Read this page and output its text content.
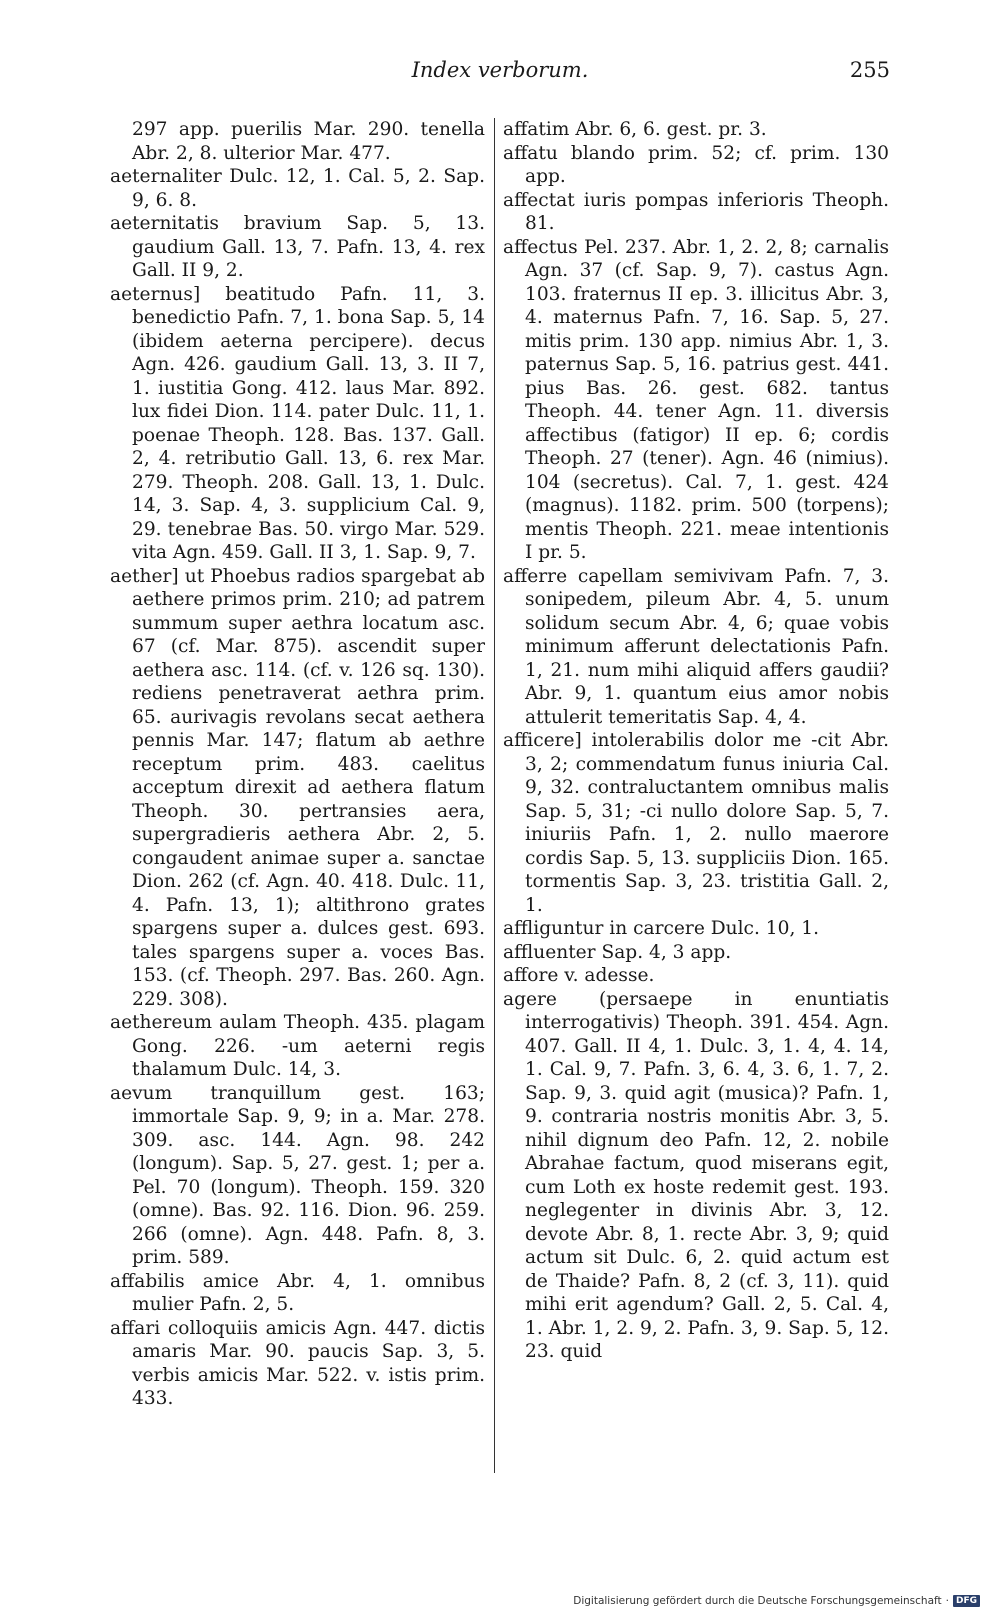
Index verborum.	255

297 app. puerilis Mar. 290. tenella Abr. 2, 8. ulterior Mar. 477.

aeternaliter Dulc. 12, 1. Cal. 5, 2. Sap. 9, 6. 8.

aeternitatis bravium Sap. 5, 13. gaudium Gall. 13, 7. Pafn. 13, 4. rex Gall. II 9, 2.

aeternus] beatitudo Pafn. 11, 3. benedictio Pafn. 7, 1. bona Sap. 5, 14 (ibidem aeterna percipere). decus Agn. 426. gaudium Gall. 13, 3. II 7, 1. iustitia Gong. 412. laus Mar. 892. lux fidei Dion. 114. pater Dulc. 11, 1. poenae Theoph. 128. Bas. 137. Gall. 2, 4. retributio Gall. 13, 6. rex Mar. 279. Theoph. 208. Gall. 13, 1. Dulc. 14, 3. Sap. 4, 3. supplicium Cal. 9, 29. tenebrae Bas. 50. virgo Mar. 529. vita Agn. 459. Gall. II 3, 1. Sap. 9, 7.

aether] ut Phoebus radios spargebat ab aethere primos prim. 210; ad patrem summum super aethra locatum asc. 67 (cf. Mar. 875). ascendit super aethera asc. 114. (cf. v. 126 sq. 130). rediens penetraverat aethra prim. 65. aurivagis revolans secat aethera pennis Mar. 147; flatum ab aethre receptum prim. 483. caelitus acceptum direxit ad aethera flatum Theoph. 30. pertransies aera, supergradieris aethera Abr. 2, 5. congaudent animae super a. sanctae Dion. 262 (cf. Agn. 40. 418. Dulc. 11, 4. Pafn. 13, 1); altithrono grates spargens super a. dulces gest. 693. tales spargens super a. voces Bas. 153. (cf. Theoph. 297. Bas. 260. Agn. 229. 308).

aethereum aulam Theoph. 435. plagam Gong. 226. -um aeterni regis thalamum Dulc. 14, 3.

aevum tranquillum gest. 163; immortale Sap. 9, 9; in a. Mar. 278. 309. asc. 144. Agn. 98. 242 (longum). Sap. 5, 27. gest. 1; per a. Pel. 70 (longum). Theoph. 159. 320 (omne). Bas. 92. 116. Dion. 96. 259. 266 (omne). Agn. 448. Pafn. 8, 3. prim. 589.

affabilis amice Abr. 4, 1. omnibus mulier Pafn. 2, 5.

affari colloquiis amicis Agn. 447. dictis amaris Mar. 90. paucis Sap. 3, 5. verbis amicis Mar. 522. v. istis prim. 433.

affatim Abr. 6, 6. gest. pr. 3.

affatu blando prim. 52; cf. prim. 130 app.

affectat iuris pompas inferioris Theoph. 81.

affectus Pel. 237. Abr. 1, 2. 2, 8; carnalis Agn. 37 (cf. Sap. 9, 7). castus Agn. 103. fraternus II ep. 3. illicitus Abr. 3, 4. maternus Pafn. 7, 16. Sap. 5, 27. mitis prim. 130 app. nimius Abr. 1, 3. paternus Sap. 5, 16. patrius gest. 441. pius Bas. 26. gest. 682. tantus Theoph. 44. tener Agn. 11. diversis affectibus (fatigor) II ep. 6; cordis Theoph. 27 (tener). Agn. 46 (nimius). 104 (secretus). Cal. 7, 1. gest. 424 (magnus). 1182. prim. 500 (torpens); mentis Theoph. 221. meae intentionis I pr. 5.

afferre capellam semivivam Pafn. 7, 3. sonipedem, pileum Abr. 4, 5. unum solidum secum Abr. 4, 6; quae vobis minimum afferunt delectationis Pafn. 1, 21. num mihi aliquid affers gaudii? Abr. 9, 1. quantum eius amor nobis attulerit temeritatis Sap. 4, 4.

afficere] intolerabilis dolor me -cit Abr. 3, 2; commendatum funus iniuria Cal. 9, 32. contraluctantem omnibus malis Sap. 5, 31; -ci nullo dolore Sap. 5, 7. iniuriis Pafn. 1, 2. nullo maerore cordis Sap. 5, 13. suppliciis Dion. 165. tormentis Sap. 3, 23. tristitia Gall. 2, 1.

affliguntur in carcere Dulc. 10, 1.

affluenter Sap. 4, 3 app.

affore v. adesse.

agere (persaepe in enuntiatis interrogativis) Theoph. 391. 454. Agn. 407. Gall. II 4, 1. Dulc. 3, 1. 4, 4. 14, 1. Cal. 9, 7. Pafn. 3, 6. 4, 3. 6, 1. 7, 2. Sap. 9, 3. quid agit (musica)? Pafn. 1, 9. contraria nostris monitis Abr. 3, 5. nihil dignum deo Pafn. 12, 2. nobile Abrahae factum, quod miserans egit, cum Loth ex hoste redemit gest. 193. neglegenter in divinis Abr. 3, 12. devote Abr. 8, 1. recte Abr. 3, 9; quid actum sit Dulc. 6, 2. quid actum est de Thaide? Pafn. 8, 2 (cf. 3, 11). quid mihi erit agendum? Gall. 2, 5. Cal. 4, 1. Abr. 1, 2. 9, 2. Pafn. 3, 9. Sap. 5, 12. 23. quid

Digitalisierung gefördert durch die Deutsche Forschungsgemeinschaft · DFG
